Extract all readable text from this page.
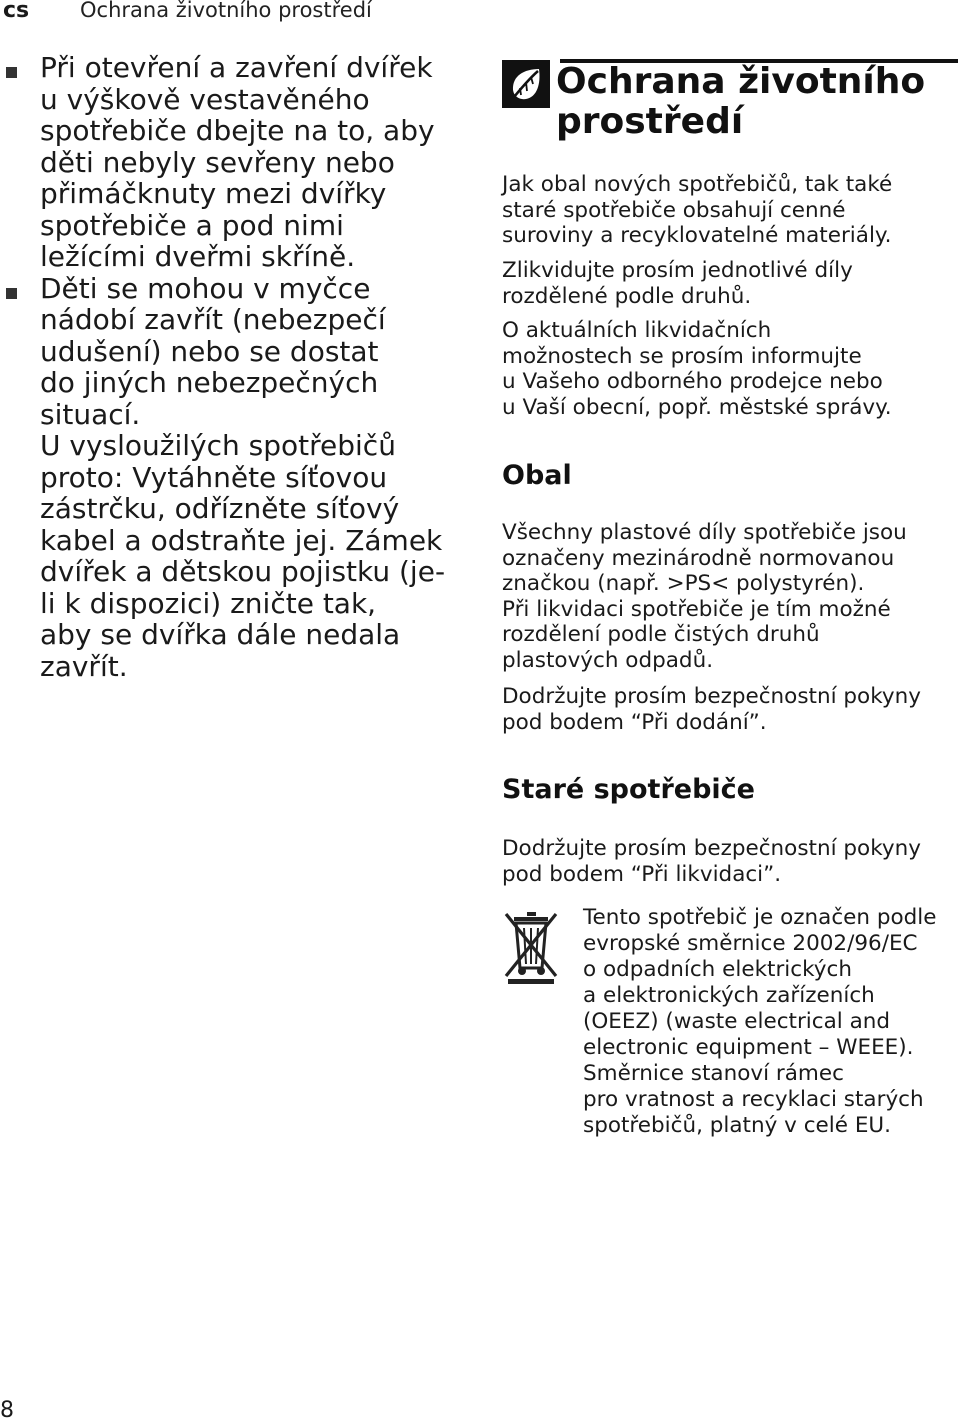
cs Ochrana životního prostředí
Při otevření a zavření dvířek
u výškově vestavěného
spotřebiče dbejte na to, aby
děti nebyly sevřeny nebo
přimáčknuty mezi dvířky
spotřebiče a pod nimi
ležícími dveřmi skříně.
Děti se mohou v myčce
nádobí zavřít (nebezpečí
udušení) nebo se dostat
do jiných nebezpečných
situací.
U vysloužilých spotřebičů
proto: Vytáhněte síťovou
zástrčku, odřízněte síťový
kabel a odstraňte jej. Zámek
dvířek a dětskou pojistku (je-
li k dispozici) zničte tak,
aby se dvířka dále nedala
zavřít.
Ochrana životního
prostředí
Jak obal nových spotřebičů, tak také
staré spotřebiče obsahují cenné
suroviny a recyklovatelné materiály.
Zlikvidujte prosím jednotlivé díly
rozdělené podle druhů.
O aktuálních likvidačních
možnostech se prosím informujte
u Vašeho odborného prodejce nebo
u Vaší obecní, popř. městské správy.
Obal
Všechny plastové díly spotřebiče jsou
označeny mezinárodně normovanou
značkou (např. >PS< polystyrén).
Při likvidaci spotřebiče je tím možné
rozdělení podle čistých druhů
plastových odpadů.
Dodržujte prosím bezpečnostní pokyny
pod bodem “Při dodání”.
Staré spotřebiče
Dodržujte prosím bezpečnostní pokyny
pod bodem “Při likvidaci”.
Tento spotřebič je označen podle
evropské směrnice 2002/96/EC
o odpadních elektrických
a elektronických zařízeních
(OEEZ) (waste electrical and
electronic equipment – WEEE).
Směrnice stanoví rámec
pro vratnost a recyklaci starých
spotřebičů, platný v celé EU.
8
